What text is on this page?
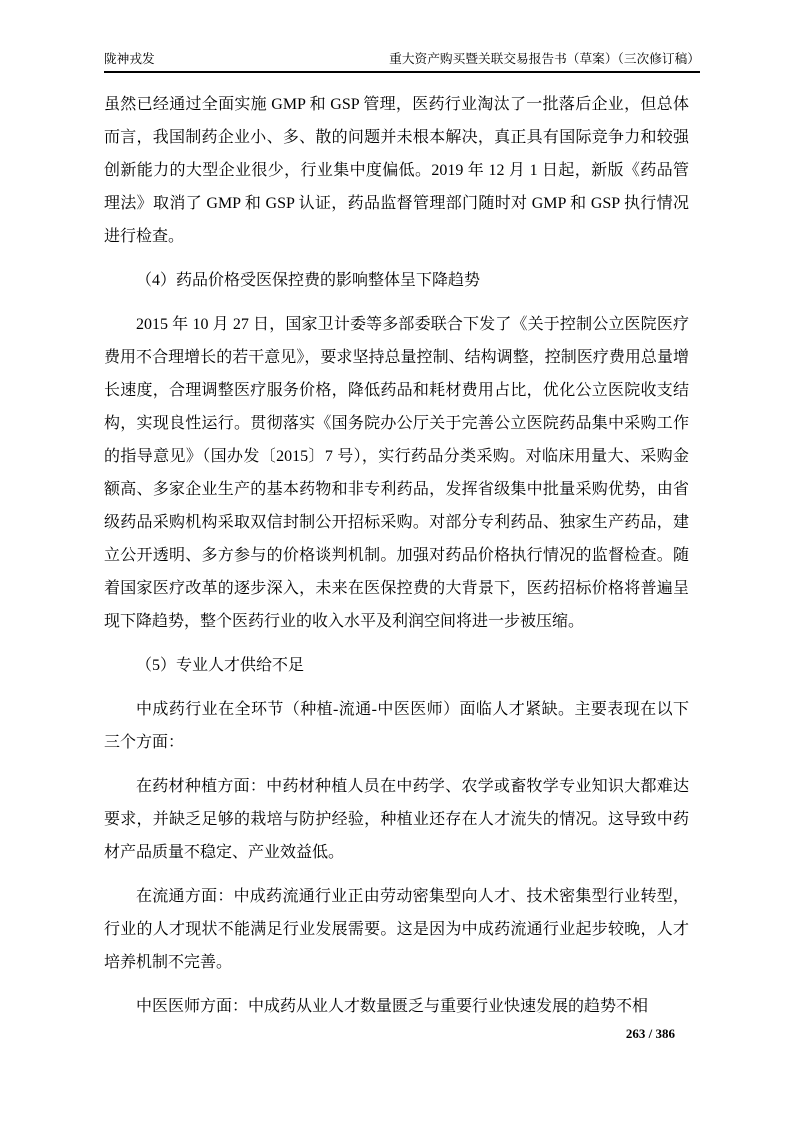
陇神戎发	重大资产购买暨关联交易报告书（草案）（三次修订稿）
虽然已经通过全面实施 GMP 和 GSP 管理，医药行业淘汰了一批落后企业，但总体而言，我国制药企业小、多、散的问题并未根本解决，真正具有国际竞争力和较强创新能力的大型企业很少，行业集中度偏低。2019 年 12 月 1 日起，新版《药品管理法》取消了 GMP 和 GSP 认证，药品监督管理部门随时对 GMP 和 GSP 执行情况进行检查。
（4）药品价格受医保控费的影响整体呈下降趋势
2015 年 10 月 27 日，国家卫计委等多部委联合下发了《关于控制公立医院医疗费用不合理增长的若干意见》，要求坚持总量控制、结构调整，控制医疗费用总量增长速度，合理调整医疗服务价格，降低药品和耗材费用占比，优化公立医院收支结构，实现良性运行。贯彻落实《国务院办公厅关于完善公立医院药品集中采购工作的指导意见》（国办发〔2015〕7 号），实行药品分类采购。对临床用量大、采购金额高、多家企业生产的基本药物和非专利药品，发挥省级集中批量采购优势，由省级药品采购机构采取双信封制公开招标采购。对部分专利药品、独家生产药品，建立公开透明、多方参与的价格谈判机制。加强对药品价格执行情况的监督检查。随着国家医疗改革的逐步深入，未来在医保控费的大背景下，医药招标价格将普遍呈现下降趋势，整个医药行业的收入水平及利润空间将进一步被压缩。
（5）专业人才供给不足
中成药行业在全环节（种植-流通-中医医师）面临人才紧缺。主要表现在以下三个方面：
在药材种植方面：中药材种植人员在中药学、农学或畜牧学专业知识大都难达要求，并缺乏足够的栽培与防护经验，种植业还存在人才流失的情况。这导致中药材产品质量不稳定、产业效益低。
在流通方面：中成药流通行业正由劳动密集型向人才、技术密集型行业转型，行业的人才现状不能满足行业发展需要。这是因为中成药流通行业起步较晚，人才培养机制不完善。
中医医师方面：中成药从业人才数量匮乏与重要行业快速发展的趋势不相
263 / 386
